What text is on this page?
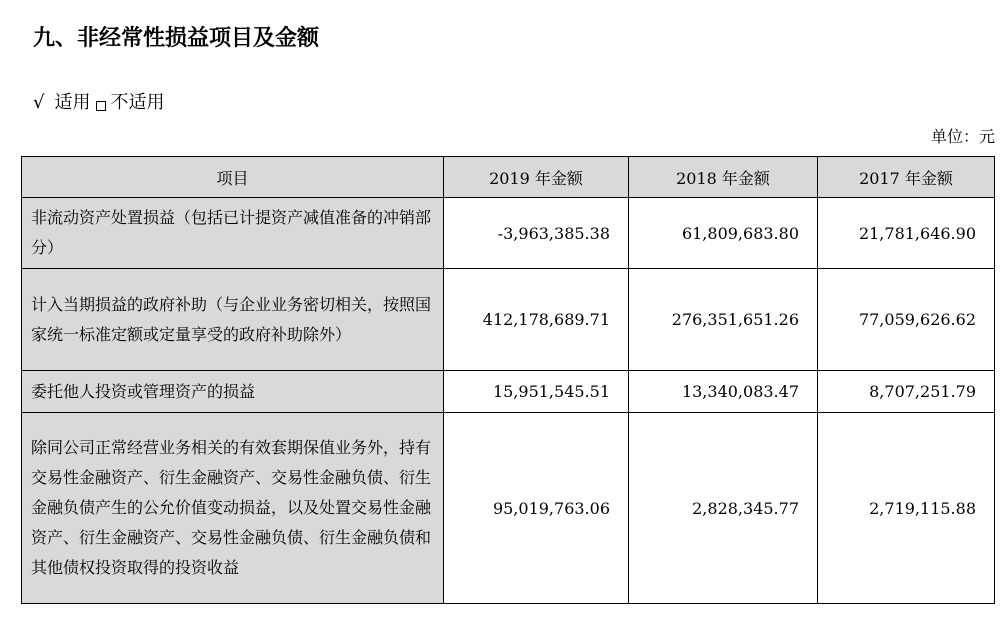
九、非经常性损益项目及金额
√ 适用 不适用
单位：元
项目	2019 年金额	2018 年金额	2017 年金额
非流动资产处置损益（包括已计提资产减值准备的冲销部分）	-3,963,385.38	61,809,683.80	21,781,646.90
计入当期损益的政府补助（与企业业务密切相关，按照国家统一标准定额或定量享受的政府补助除外）	412,178,689.71	276,351,651.26	77,059,626.62
委托他人投资或管理资产的损益	15,951,545.51	13,340,083.47	8,707,251.79
除同公司正常经营业务相关的有效套期保值业务外，持有交易性金融资产、衍生金融资产、交易性金融负债、衍生金融负债产生的公允价值变动损益，以及处置交易性金融资产、衍生金融资产、交易性金融负债、衍生金融负债和其他债权投资取得的投资收益	95,019,763.06	2,828,345.77	2,719,115.88
